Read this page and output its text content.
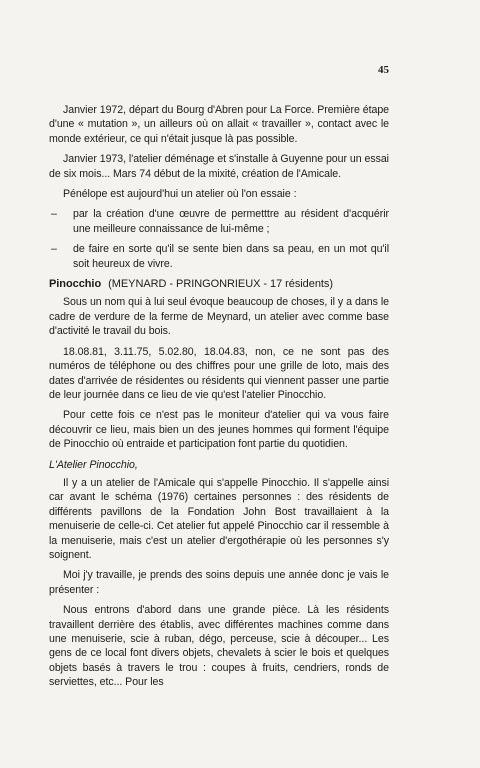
45

Janvier 1972, départ du Bourg d'Abren pour La Force. Première étape d'une « mutation », un ailleurs où on allait « travailler », contact avec le monde extérieur, ce qui n'était jusque là pas possible.

Janvier 1973, l'atelier déménage et s'installe à Guyenne pour un essai de six mois... Mars 74 début de la mixité, création de l'Amicale.

Pénélope est aujourd'hui un atelier où l'on essaie :

–	par la création d'une œuvre de permetttre au résident d'acquérir une meilleure connaissance de lui-même ;
–	de faire en sorte qu'il se sente bien dans sa peau, en un mot qu'il soit heureux de vivre.
Pinocchio (MEYNARD - PRINGONRIEUX - 17 résidents)

Sous un nom qui à lui seul évoque beaucoup de choses, il y a dans le cadre de verdure de la ferme de Meynard, un atelier avec comme base d'activité le travail du bois.

18.08.81, 3.11.75, 5.02.80, 18.04.83, non, ce ne sont pas des numéros de téléphone ou des chiffres pour une grille de loto, mais des dates d'arrivée de résidentes ou résidents qui viennent passer une partie de leur journée dans ce lieu de vie qu'est l'atelier Pinocchio.

Pour cette fois ce n'est pas le moniteur d'atelier qui va vous faire découvrir ce lieu, mais bien un des jeunes hommes qui forment l'équipe de Pinocchio où entraide et participation font partie du quotidien.

L'Atelier Pinocchio,

Il y a un atelier de l'Amicale qui s'appelle Pinocchio. Il s'appelle ainsi car avant le schéma (1976) certaines personnes : des résidents de différents pavillons de la Fondation John Bost travaillaient à la menuiserie de celle-ci. Cet atelier fut appelé Pinocchio car il ressemble à la menuiserie, mais c'est un atelier d'ergothérapie où les personnes s'y soignent.

Moi j'y travaille, je prends des soins depuis une année donc je vais le présenter :

Nous entrons d'abord dans une grande pièce. Là les résidents travaillent derrière des établis, avec différentes machines comme dans une menuiserie, scie à ruban, dégo, perceuse, scie à découper... Les gens de ce local font divers objets, chevalets à scier le bois et quelques objets basés à travers le trou : coupes à fruits, cendriers, ronds de serviettes, etc... Pour les
